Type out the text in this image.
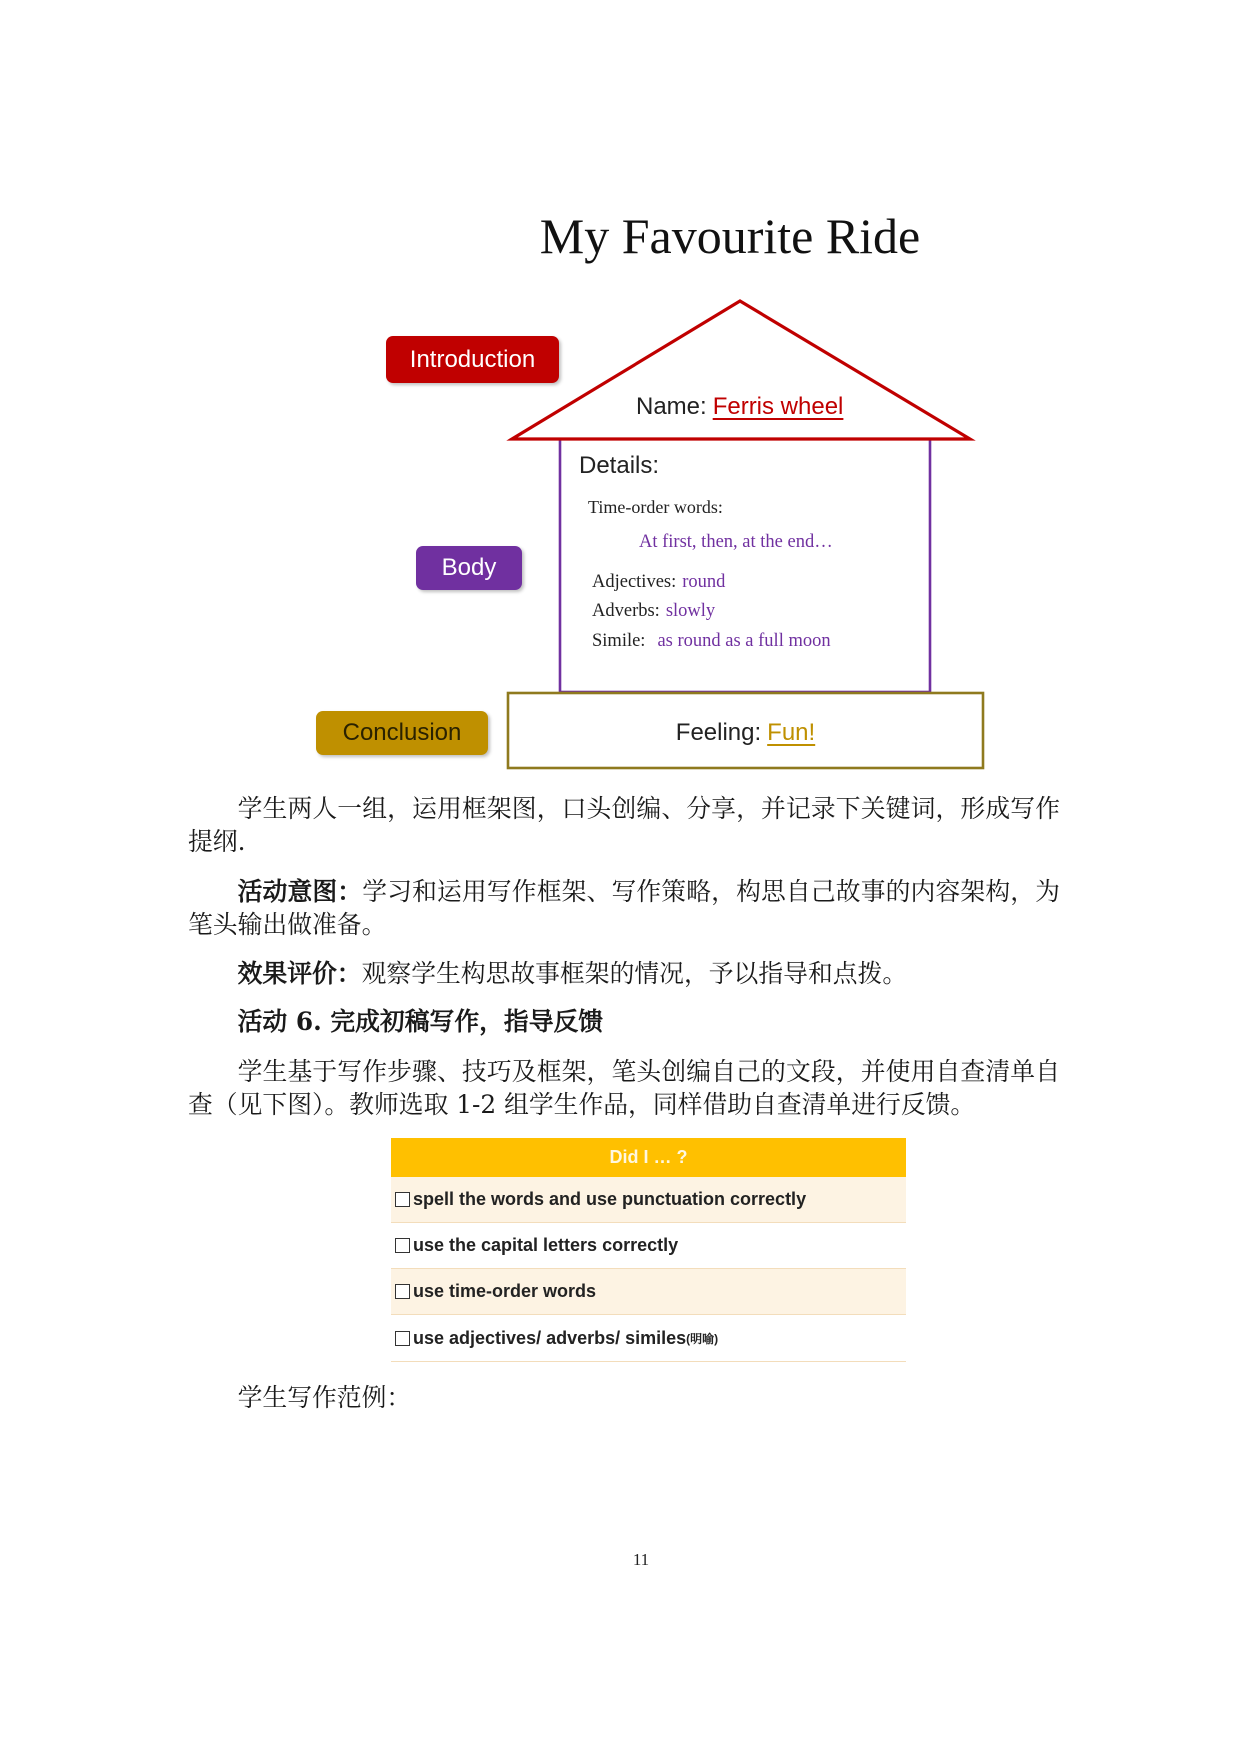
My Favourite Ride
Introduction
Body
Conclusion
Name: Ferris wheel
Details:
Time-order words:
At first, then, at the end…
Adjectives: round
Adverbs: slowly
Simile: as round as a full moon
Feeling: Fun!
学生两人一组，运用框架图，口头创编、分享，并记录下关键词，形成写作提纲.
活动意图：学习和运用写作框架、写作策略，构思自己故事的内容架构，为笔头输出做准备。
效果评价：观察学生构思故事框架的情况，予以指导和点拨。
活动 6. 完成初稿写作，指导反馈
学生基于写作步骤、技巧及框架，笔头创编自己的文段，并使用自查清单自查（见下图）。教师选取 1-2 组学生作品，同样借助自查清单进行反馈。
Did I … ?
spell the words and use punctuation correctly
use the capital letters correctly
use time-order words
use adjectives/ adverbs/ similes (明喻)
学生写作范例：
11
